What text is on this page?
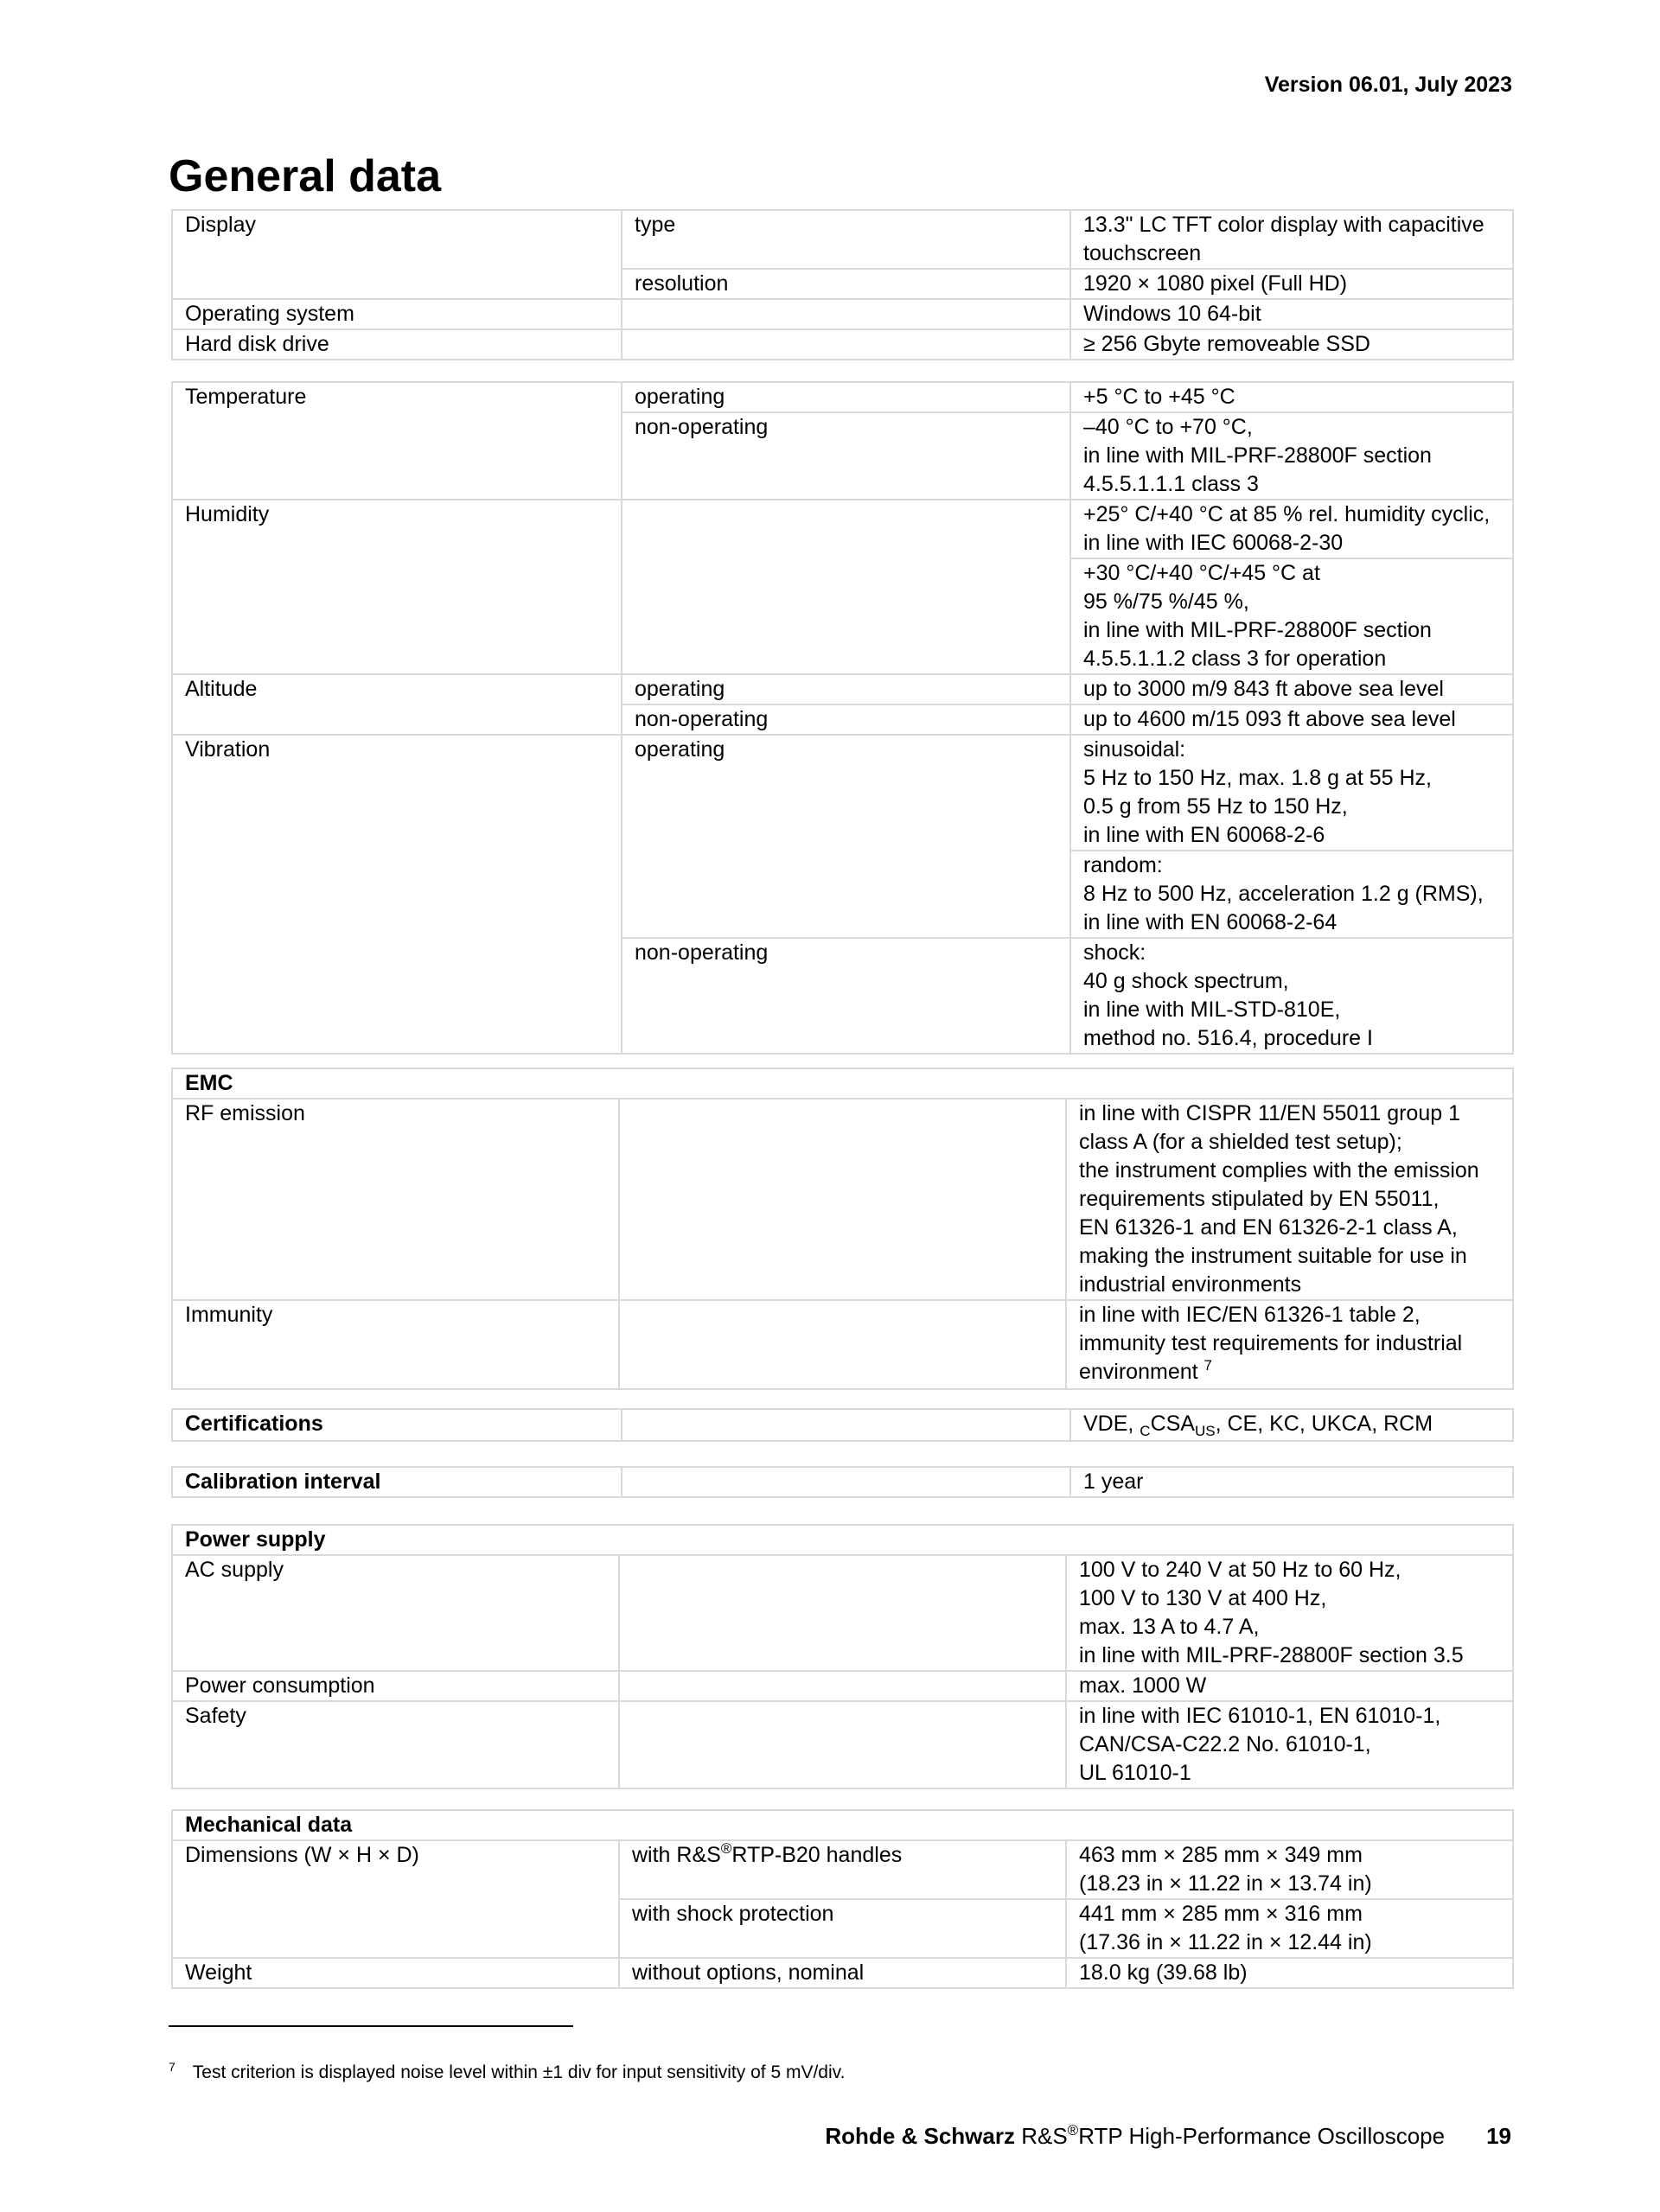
Version 06.01, July 2023
General data
Display	type	13.3" LC TFT color display with capacitive touchscreen
	resolution	1920 × 1080 pixel (Full HD)
Operating system		Windows 10 64-bit
Hard disk drive		≥ 256 Gbyte removeable SSD
Temperature	operating	+5 °C to +45 °C
	non-operating	–40 °C to +70 °C,
in line with MIL-PRF-28800F section 4.5.5.1.1.1 class 3
Humidity		+25° C/+40 °C at 85 % rel. humidity cyclic, in line with IEC 60068-2-30
		+30 °C/+40 °C/+45 °C at
95 %/75 %/45 %,
in line with MIL-PRF-28800F section 4.5.5.1.1.2 class 3 for operation
Altitude	operating	up to 3000 m/9 843 ft above sea level
	non-operating	up to 4600 m/15 093 ft above sea level
Vibration	operating	sinusoidal:
5 Hz to 150 Hz, max. 1.8 g at 55 Hz,
0.5 g from 55 Hz to 150 Hz,
in line with EN 60068-2-6
		random:
8 Hz to 500 Hz, acceleration 1.2 g (RMS),
in line with EN 60068-2-64
	non-operating	shock:
40 g shock spectrum,
in line with MIL-STD-810E,
method no. 516.4, procedure I
EMC		
RF emission		in line with CISPR 11/EN 55011 group 1 class A (for a shielded test setup);
the instrument complies with the emission requirements stipulated by EN 55011,
EN 61326-1 and EN 61326-2-1 class A, making the instrument suitable for use in industrial environments
Immunity		in line with IEC/EN 61326-1 table 2, immunity test requirements for industrial environment $^7$
Certifications		VDE, $_CCSA_{US}$, CE, KC, UKCA, RCM
Calibration interval		1 year
Power supply		
AC supply		100 V to 240 V at 50 Hz to 60 Hz,
100 V to 130 V at 400 Hz,
max. 13 A to 4.7 A,
in line with MIL-PRF-28800F section 3.5
Power consumption		max. 1000 W
Safety		in line with IEC 61010-1, EN 61010-1,
CAN/CSA-C22.2 No. 61010-1,
UL 61010-1
Mechanical data		
Dimensions (W × H × D)	with R&S®RTP-B20 handles	463 mm × 285 mm × 349 mm
(18.23 in × 11.22 in × 13.74 in)
	with shock protection	441 mm × 285 mm × 316 mm
(17.36 in × 11.22 in × 12.44 in)
Weight	without options, nominal	18.0 kg (39.68 lb)
$^7$ Test criterion is displayed noise level within ±1 div for input sensitivity of 5 mV/div.
Rohde & Schwarz R&S®RTP High-Performance Oscilloscope 19
